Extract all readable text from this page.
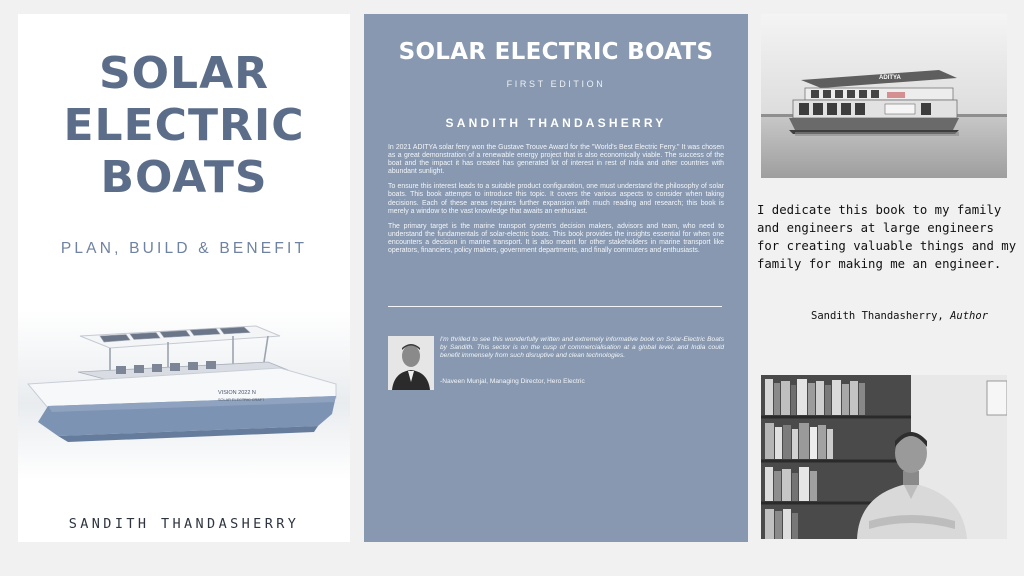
SOLAR
ELECTRIC
BOATS
PLAN, BUILD & BENEFIT
VISION 2022 N
SOLAR ELECTRIC CRAFT
SANDITH THANDASHERRY
SOLAR ELECTRIC BOATS
FIRST EDITION
SANDITH THANDASHERRY

In 2021 ADITYA solar ferry won the Gustave Trouve Award for the "World's Best Electric Ferry." It was chosen as a great demonstration of a renewable energy project that is also economically viable. The success of the boat and the impact it has created has generated lot of interest in rest of India and other countries with abundant sunlight.

To ensure this interest leads to a suitable product configuration, one must understand the philosophy of solar boats. This book attempts to introduce this topic. It covers the various aspects to consider when taking decisions. Each of these areas requires further expansion with much reading and research; this book is merely a window to the vast knowledge that awaits an enthusiast.

The primary target is the marine transport system's decision makers, advisors and team, who need to understand the fundamentals of solar-electric boats. This book provides the insights essential for when one encounters a decision in marine transport. It is also meant for other stakeholders in marine transport like operators, financiers, policy makers, government departments, and finally commuters and enthusiasts.

I'm thrilled to see this wonderfully written and extremely informative book on Solar-Electric Boats by Sandith. This sector is on the cusp of commercialisation at a global level, and India could benefit immensely from such disruptive and clean technologies.
-Naveen Munjal, Managing Director, Hero Electric
ADITYA
I dedicate this book to my family and engineers at large engineers for creating valuable things and my family for making me an engineer.
Sandith Thandasherry, Author
